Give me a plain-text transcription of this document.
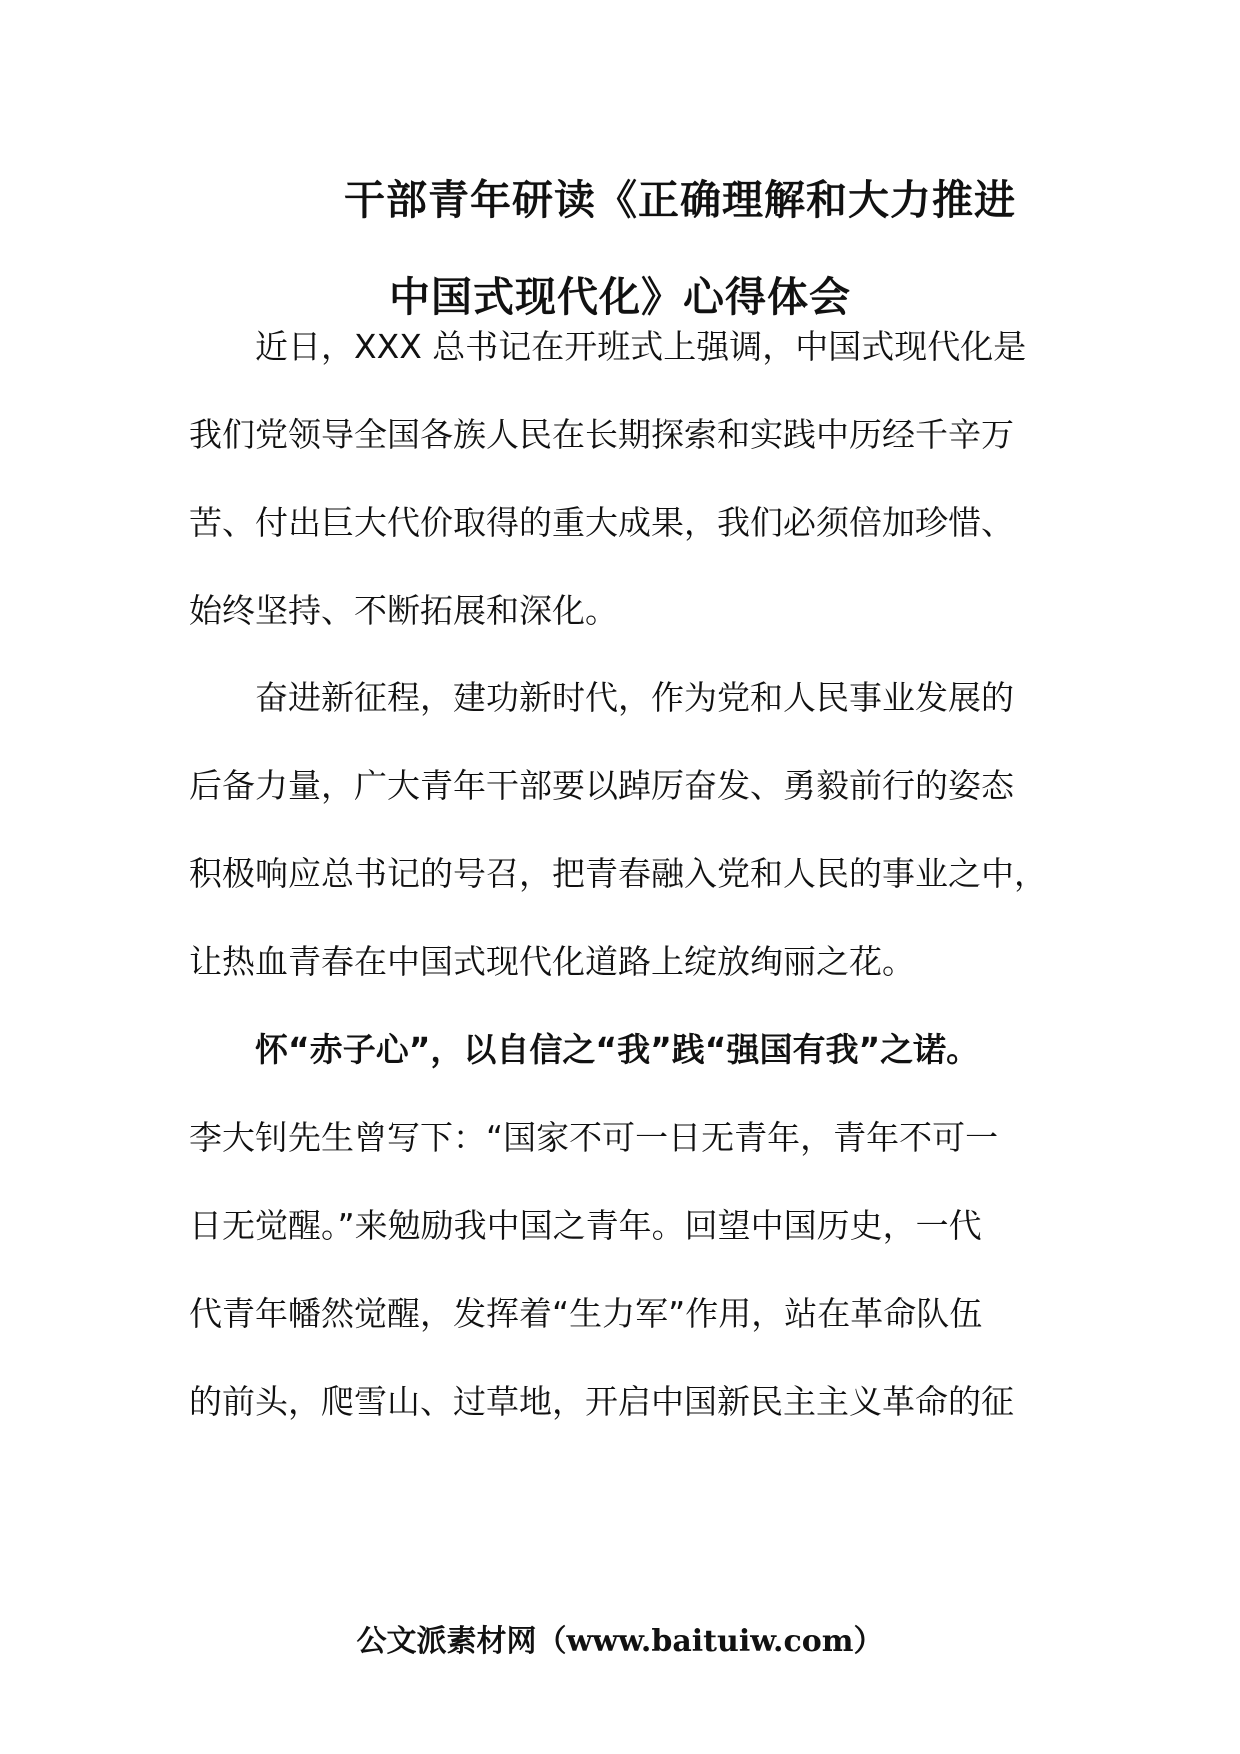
干部青年研读《正确理解和大力推进
中国式现代化》心得体会
近日，XXX 总书记在开班式上强调，中国式现代化是
我们党领导全国各族人民在长期探索和实践中历经千辛万
苦、付出巨大代价取得的重大成果，我们必须倍加珍惜、
始终坚持、不断拓展和深化。
奋进新征程，建功新时代，作为党和人民事业发展的
后备力量，广大青年干部要以踔厉奋发、勇毅前行的姿态
积极响应总书记的号召，把青春融入党和人民的事业之中，
让热血青春在中国式现代化道路上绽放绚丽之花。
怀“赤子心”，以自信之“我”践“强国有我”之诺。
李大钊先生曾写下：“国家不可一日无青年，青年不可一
日无觉醒。”来勉励我中国之青年。回望中国历史，一代
代青年幡然觉醒，发挥着“生力军”作用，站在革命队伍
的前头，爬雪山、过草地，开启中国新民主主义革命的征
公文派素材网（www.baituiw.com）
